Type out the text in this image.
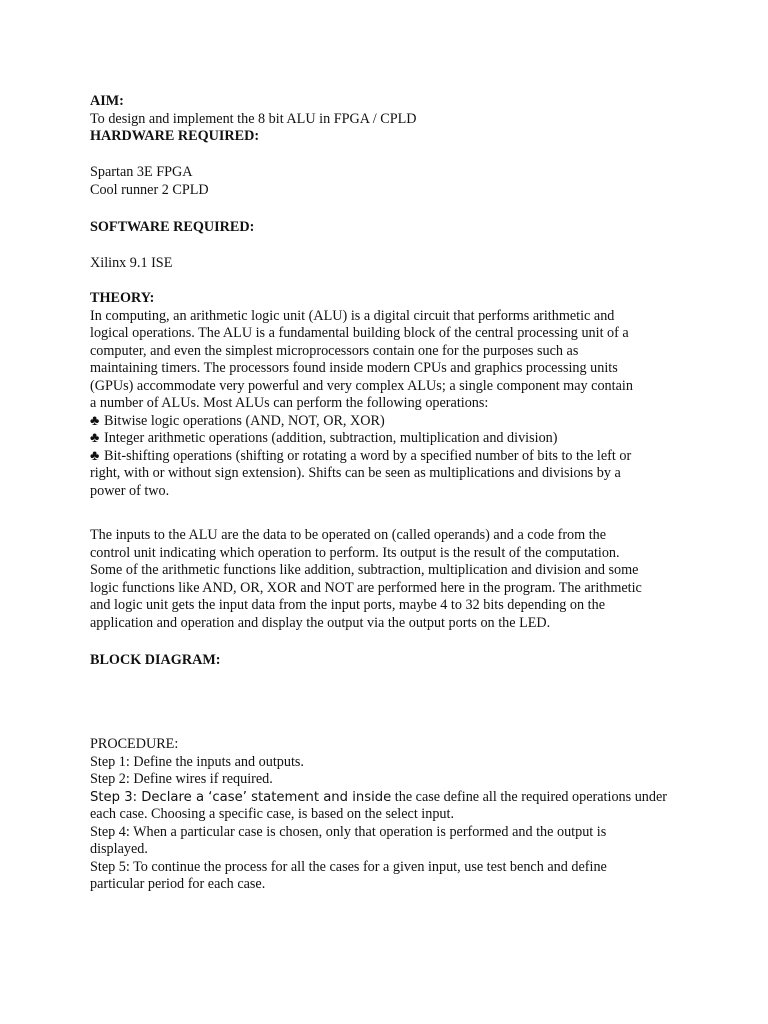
AIM:
To design and implement the 8 bit ALU in FPGA / CPLD
HARDWARE REQUIRED:
Spartan 3E FPGA
Cool runner 2 CPLD
SOFTWARE REQUIRED:
Xilinx 9.1 ISE
THEORY:
In computing, an arithmetic logic unit (ALU) is a digital circuit that performs arithmetic and
logical operations. The ALU is a fundamental building block of the central processing unit of a
computer, and even the simplest microprocessors contain one for the purposes such as
maintaining timers. The processors found inside modern CPUs and graphics processing units
(GPUs) accommodate very powerful and very complex ALUs; a single component may contain
a number of ALUs. Most ALUs can perform the following operations:
♣ Bitwise logic operations (AND, NOT, OR, XOR)
♣ Integer arithmetic operations (addition, subtraction, multiplication and division)
♣ Bit-shifting operations (shifting or rotating a word by a specified number of bits to the left or
right, with or without sign extension). Shifts can be seen as multiplications and divisions by a
power of two.
The inputs to the ALU are the data to be operated on (called operands) and a code from the
control unit indicating which operation to perform. Its output is the result of the computation.
Some of the arithmetic functions like addition, subtraction, multiplication and division and some
logic functions like AND, OR, XOR and NOT are performed here in the program. The arithmetic
and logic unit gets the input data from the input ports, maybe 4 to 32 bits depending on the
application and operation and display the output via the output ports on the LED.
BLOCK DIAGRAM:
PROCEDURE:
Step 1: Define the inputs and outputs.
Step 2: Define wires if required.
Step 3: Declare a ‘case’ statement and inside the case define all the required operations under
each case. Choosing a specific case, is based on the select input.
Step 4: When a particular case is chosen, only that operation is performed and the output is
displayed.
Step 5: To continue the process for all the cases for a given input, use test bench and define
particular period for each case.
